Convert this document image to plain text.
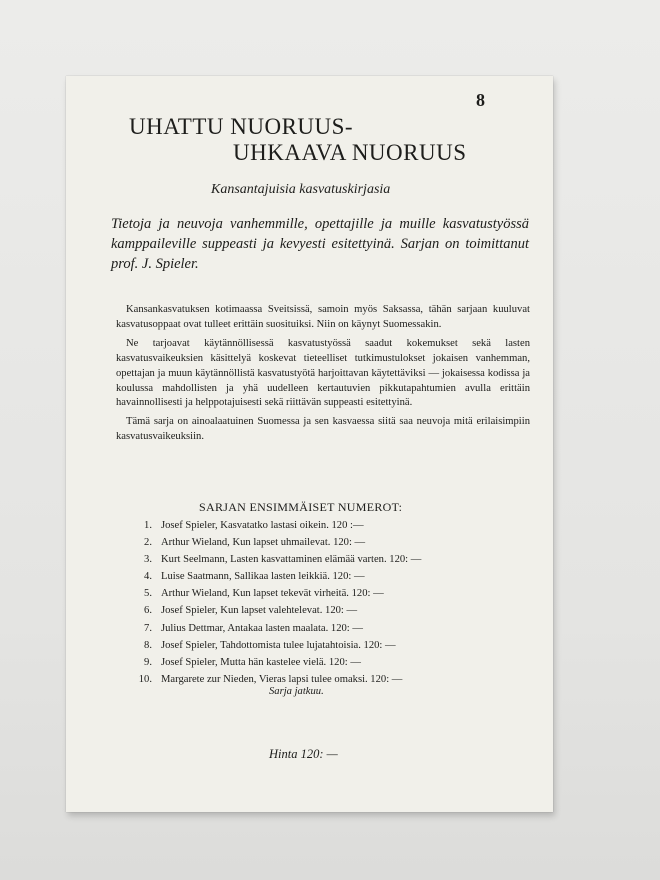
8
UHATTU NUORUUS-
UHKAAVA NUORUUS
Kansantajuisia kasvatuskirjasia
Tietoja ja neuvoja vanhemmille, opettajille ja muille kasvatustyössä kamppaileville suppeasti ja kevyesti esitettyinä. Sarjan on toimittanut prof. J. Spieler.

Kansankasvatuksen kotimaassa Sveitsissä, samoin myös Saksassa, tähän sarjaan kuuluvat kasvatusoppaat ovat tulleet erittäin suosituiksi. Niin on käynyt Suomessakin.

Ne tarjoavat käytännöllisessä kasvatustyössä saadut kokemukset sekä lasten kasvatusvaikeuksien käsittelyä koskevat tieteelliset tutkimustulokset jokaisen vanhemman, opettajan ja muun käytännöllistä kasvatustyötä harjoittavan käytettäviksi — jokaisessa kodissa ja koulussa mahdollisten ja yhä uudelleen kertautuvien pikkutapahtumien avulla erittäin havainnollisesti ja helppotajuisesti sekä riittävän suppeasti esitettyinä.

Tämä sarja on ainoalaatuinen Suomessa ja sen kasvaessa siitä saa neuvoja mitä erilaisimpiin kasvatusvaikeuksiin.

SARJAN ENSIMMÄISET NUMEROT:
1. Josef Spieler, Kasvatatko lastasi oikein. 120 :—
2. Arthur Wieland, Kun lapset uhmailevat. 120: —
3. Kurt Seelmann, Lasten kasvattaminen elämää varten. 120: —
4. Luise Saatmann, Sallikaa lasten leikkiä. 120: —
5. Arthur Wieland, Kun lapset tekevät virheitä. 120: —
6. Josef Spieler, Kun lapset valehtelevat. 120: —
7. Julius Dettmar, Antakaa lasten maalata. 120: —
8. Josef Spieler, Tahdottomista tulee lujatahtoisia. 120: —
9. Josef Spieler, Mutta hän kastelee vielä. 120: —
10. Margarete zur Nieden, Vieras lapsi tulee omaksi. 120: —
Sarja jatkuu.
Hinta 120: —
